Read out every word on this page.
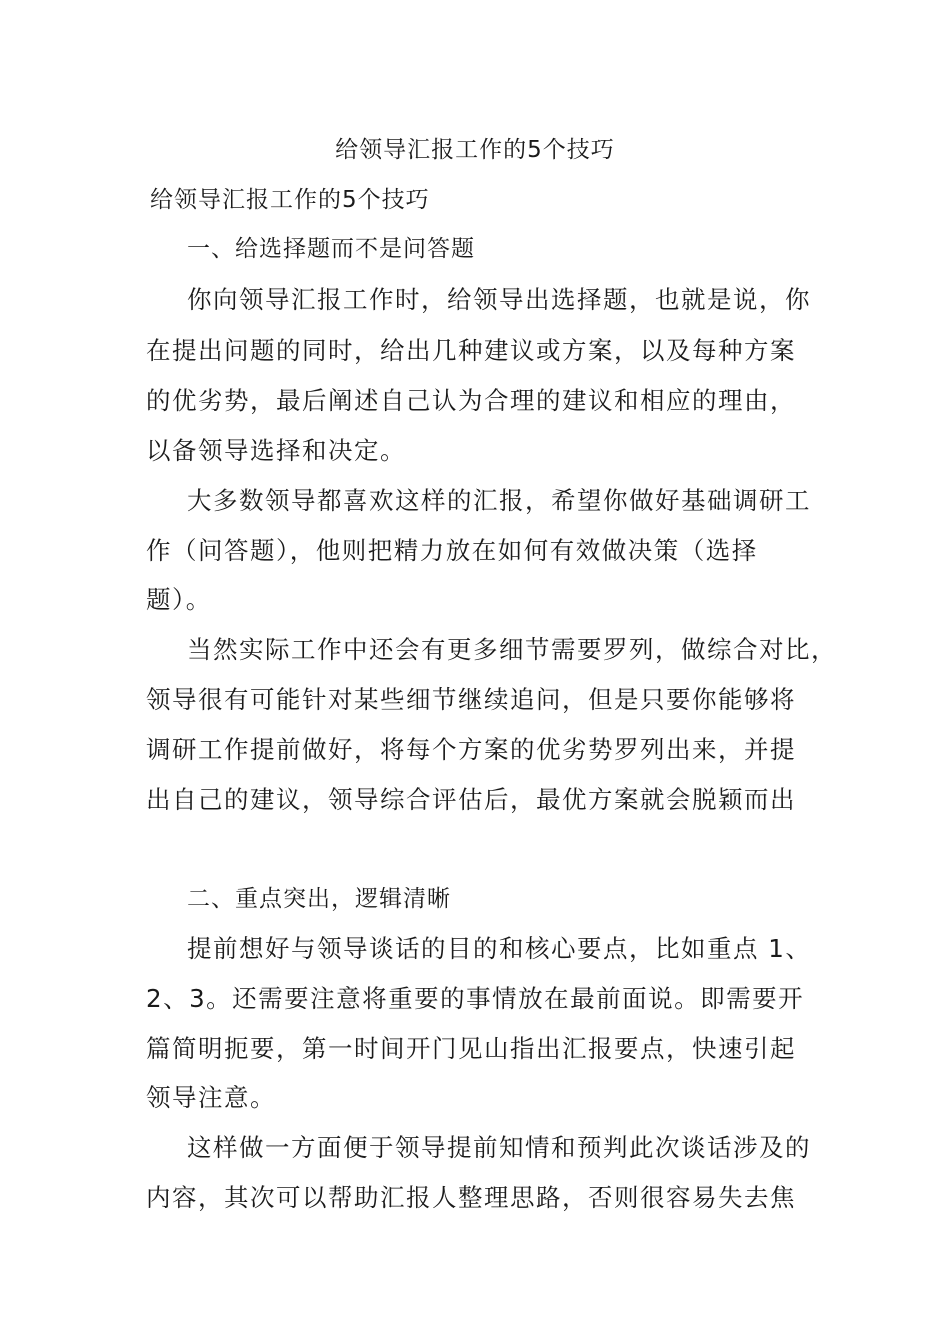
给领导汇报工作的5个技巧
给领导汇报工作的5个技巧
一、给选择题而不是问答题
你向领导汇报工作时，给领导出选择题，也就是说，你
在提出问题的同时，给出几种建议或方案，以及每种方案
的优劣势，最后阐述自己认为合理的建议和相应的理由，
以备领导选择和决定。
大多数领导都喜欢这样的汇报，希望你做好基础调研工
作（问答题），他则把精力放在如何有效做决策（选择
题）。
当然实际工作中还会有更多细节需要罗列，做综合对比，
领导很有可能针对某些细节继续追问，但是只要你能够将
调研工作提前做好，将每个方案的优劣势罗列出来，并提
出自己的建议，领导综合评估后，最优方案就会脱颖而出
二、重点突出，逻辑清晰
提前想好与领导谈话的目的和核心要点，比如重点 1、
2、3。还需要注意将重要的事情放在最前面说。即需要开
篇简明扼要，第一时间开门见山指出汇报要点，快速引起
领导注意。
这样做一方面便于领导提前知情和预判此次谈话涉及的
内容，其次可以帮助汇报人整理思路，否则很容易失去焦
